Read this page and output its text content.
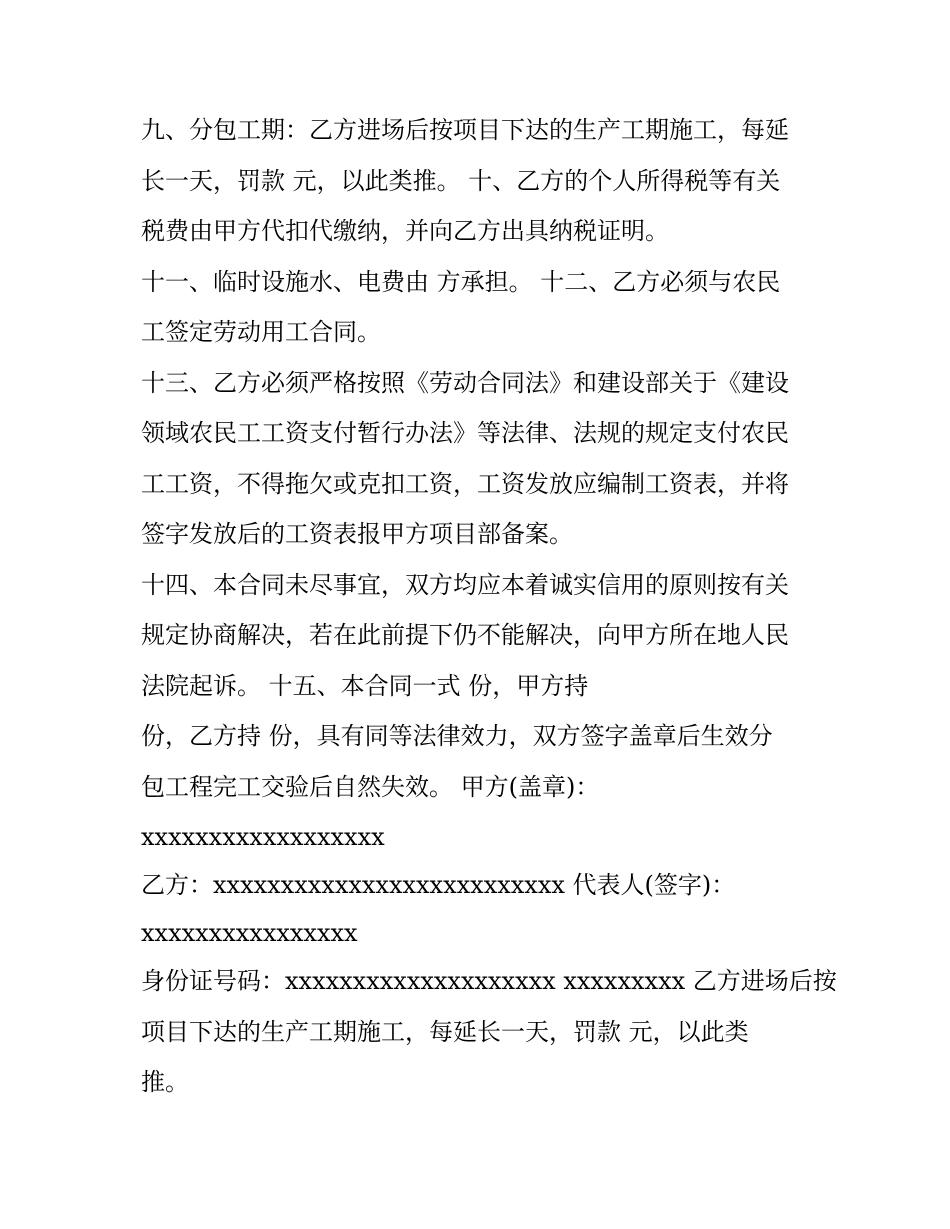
九、分包工期：乙方进场后按项目下达的生产工期施工，每延
长一天，罚款 元，以此类推。 十、乙方的个人所得税等有关
税费由甲方代扣代缴纳，并向乙方出具纳税证明。
十一、临时设施水、电费由 方承担。 十二、乙方必须与农民
工签定劳动用工合同。
十三、乙方必须严格按照《劳动合同法》和建设部关于《建设
领域农民工工资支付暂行办法》等法律、法规的规定支付农民
工工资，不得拖欠或克扣工资，工资发放应编制工资表，并将
签字发放后的工资表报甲方项目部备案。
十四、本合同未尽事宜，双方均应本着诚实信用的原则按有关
规定协商解决，若在此前提下仍不能解决，向甲方所在地人民
法院起诉。 十五、本合同一式 份，甲方持
份，乙方持 份，具有同等法律效力，双方签字盖章后生效分
包工程完工交验后自然失效。 甲方(盖章)：
xxxxxxxxxxxxxxxxxx
乙方：xxxxxxxxxxxxxxxxxxxxxxxxxx 代表人(签字)：
xxxxxxxxxxxxxxxx
身份证号码：xxxxxxxxxxxxxxxxxxxx xxxxxxxxx 乙方进场后按
项目下达的生产工期施工，每延长一天，罚款 元，以此类
推。
